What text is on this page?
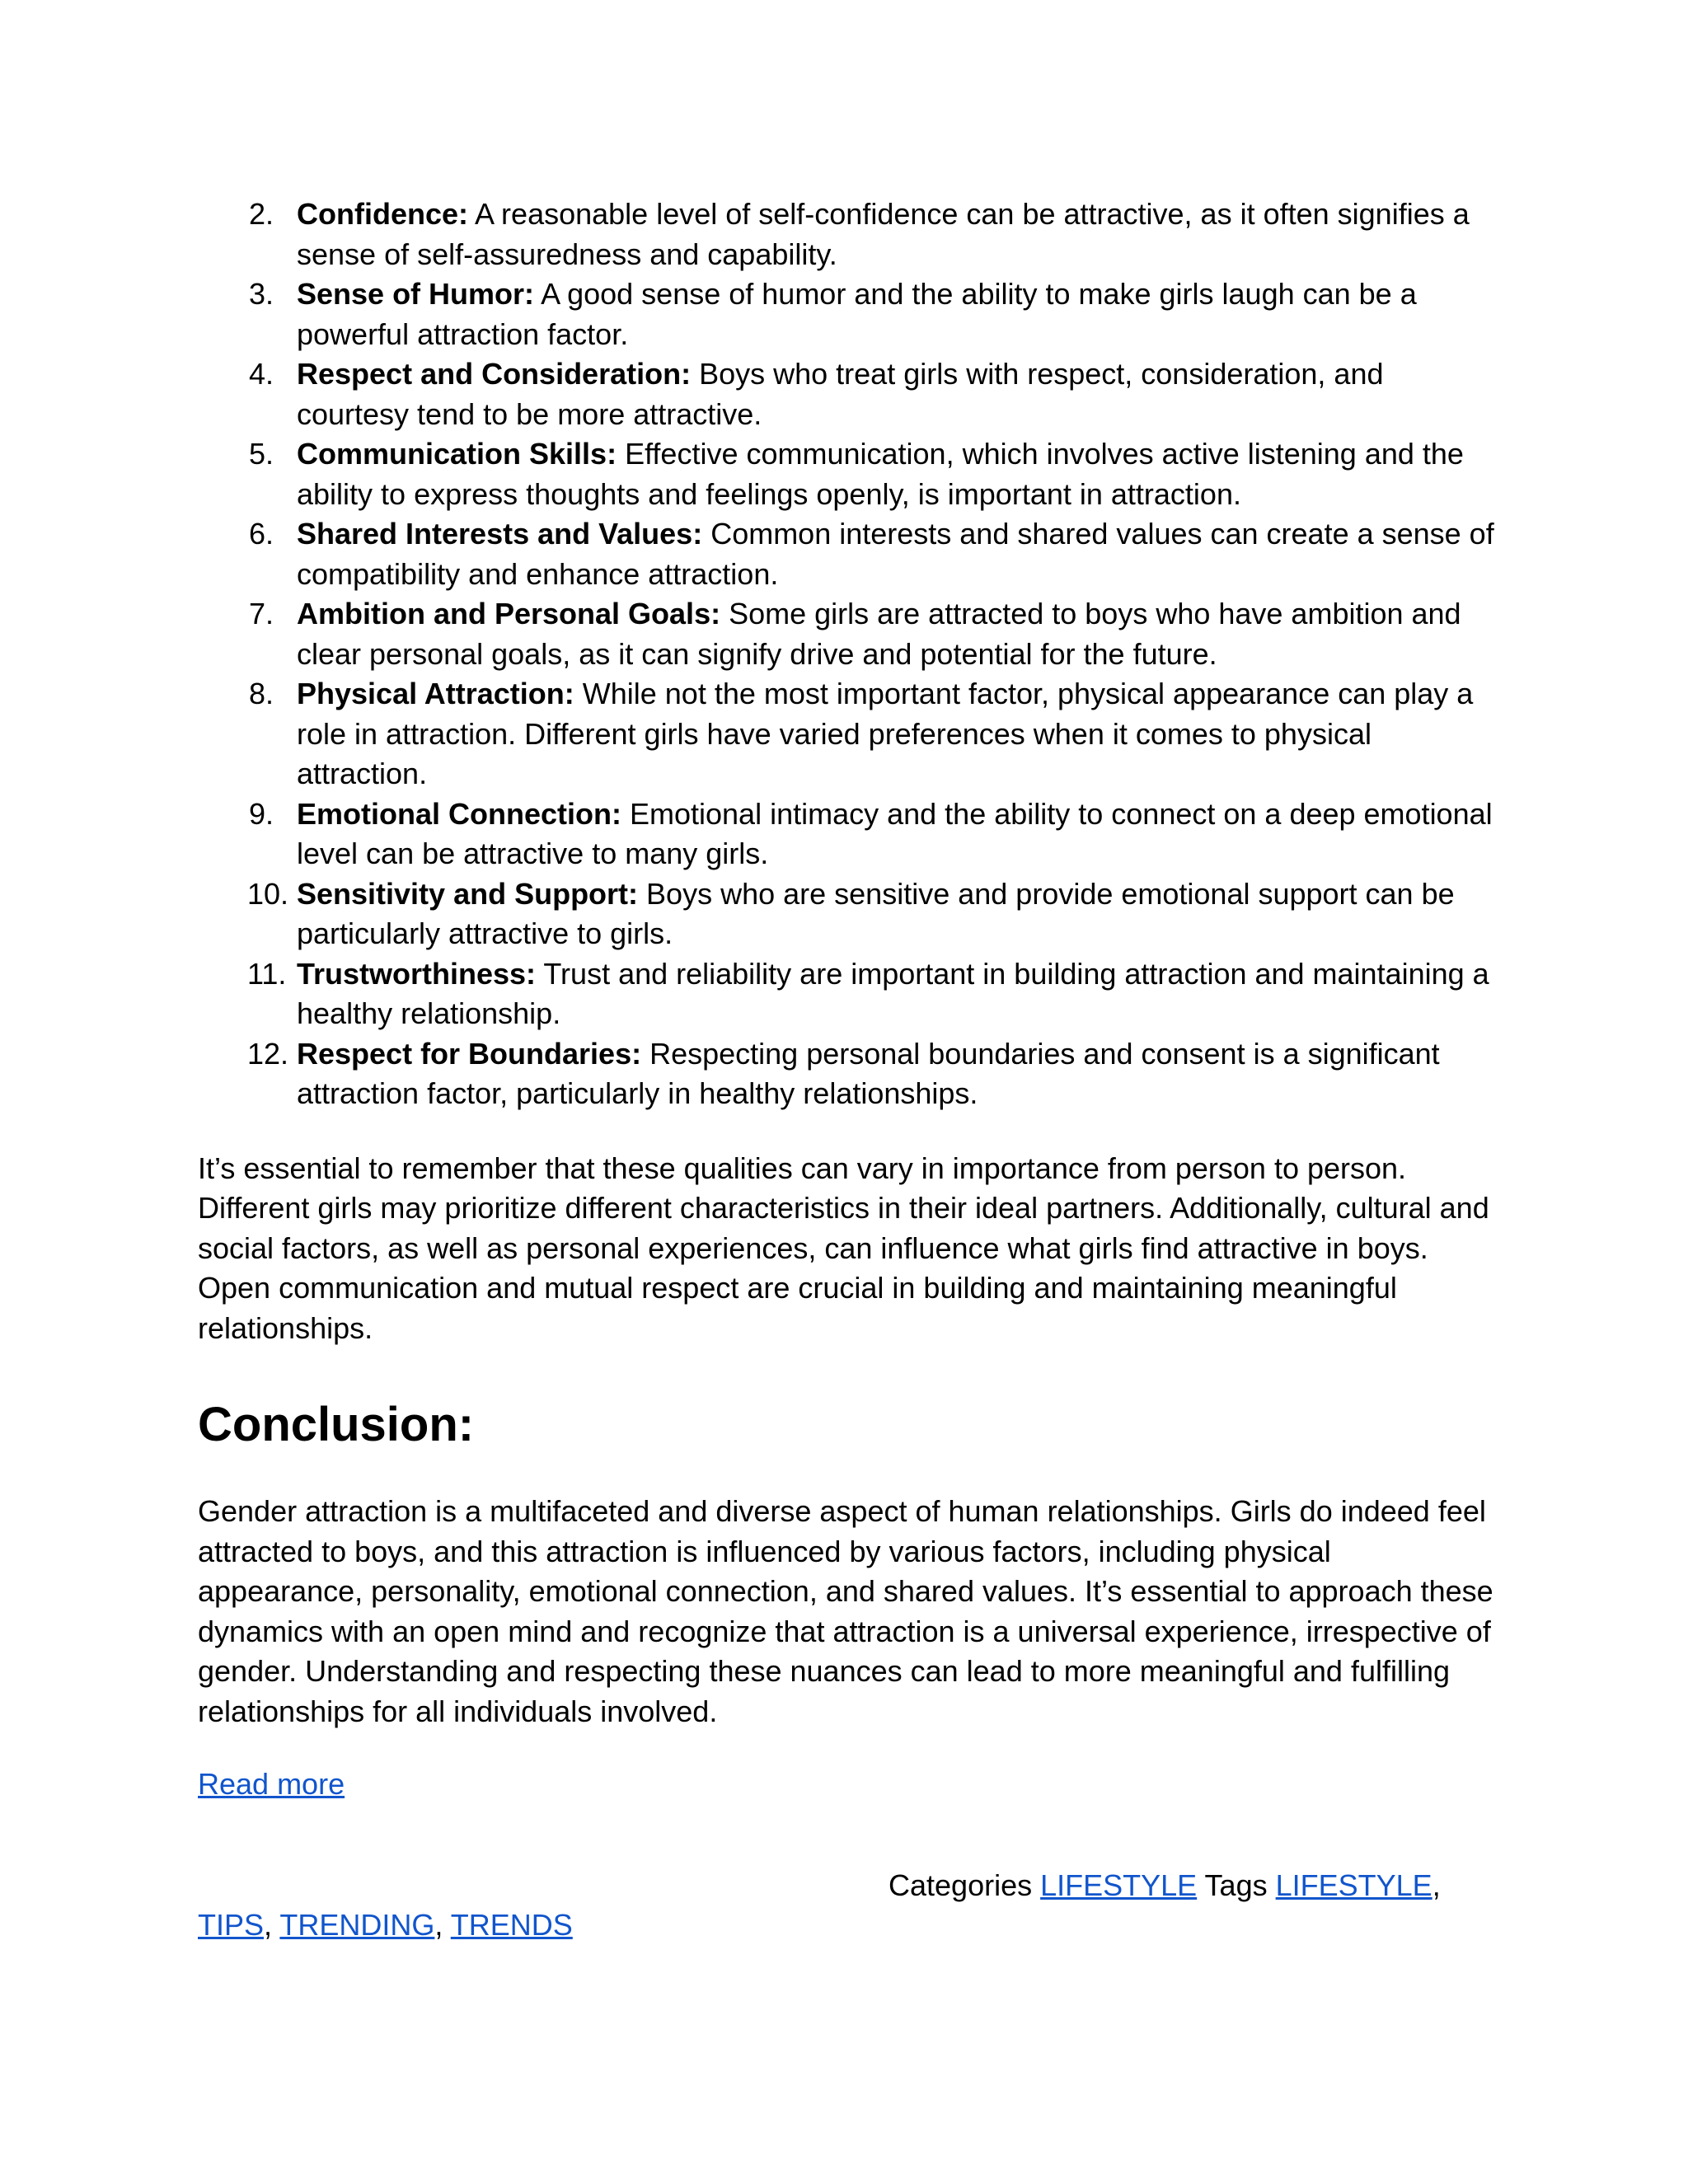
2. Confidence: A reasonable level of self-confidence can be attractive, as it often signifies a sense of self-assuredness and capability.
3. Sense of Humor: A good sense of humor and the ability to make girls laugh can be a powerful attraction factor.
4. Respect and Consideration: Boys who treat girls with respect, consideration, and courtesy tend to be more attractive.
5. Communication Skills: Effective communication, which involves active listening and the ability to express thoughts and feelings openly, is important in attraction.
6. Shared Interests and Values: Common interests and shared values can create a sense of compatibility and enhance attraction.
7. Ambition and Personal Goals: Some girls are attracted to boys who have ambition and clear personal goals, as it can signify drive and potential for the future.
8. Physical Attraction: While not the most important factor, physical appearance can play a role in attraction. Different girls have varied preferences when it comes to physical attraction.
9. Emotional Connection: Emotional intimacy and the ability to connect on a deep emotional level can be attractive to many girls.
10. Sensitivity and Support: Boys who are sensitive and provide emotional support can be particularly attractive to girls.
11. Trustworthiness: Trust and reliability are important in building attraction and maintaining a healthy relationship.
12. Respect for Boundaries: Respecting personal boundaries and consent is a significant attraction factor, particularly in healthy relationships.

It’s essential to remember that these qualities can vary in importance from person to person. Different girls may prioritize different characteristics in their ideal partners. Additionally, cultural and social factors, as well as personal experiences, can influence what girls find attractive in boys. Open communication and mutual respect are crucial in building and maintaining meaningful relationships.

Conclusion:

Gender attraction is a multifaceted and diverse aspect of human relationships. Girls do indeed feel attracted to boys, and this attraction is influenced by various factors, including physical appearance, personality, emotional connection, and shared values. It’s essential to approach these dynamics with an open mind and recognize that attraction is a universal experience, irrespective of gender. Understanding and respecting these nuances can lead to more meaningful and fulfilling relationships for all individuals involved.

Read more
Categories LIFESTYLE Tags LIFESTYLE, TIPS, TRENDING, TRENDS
